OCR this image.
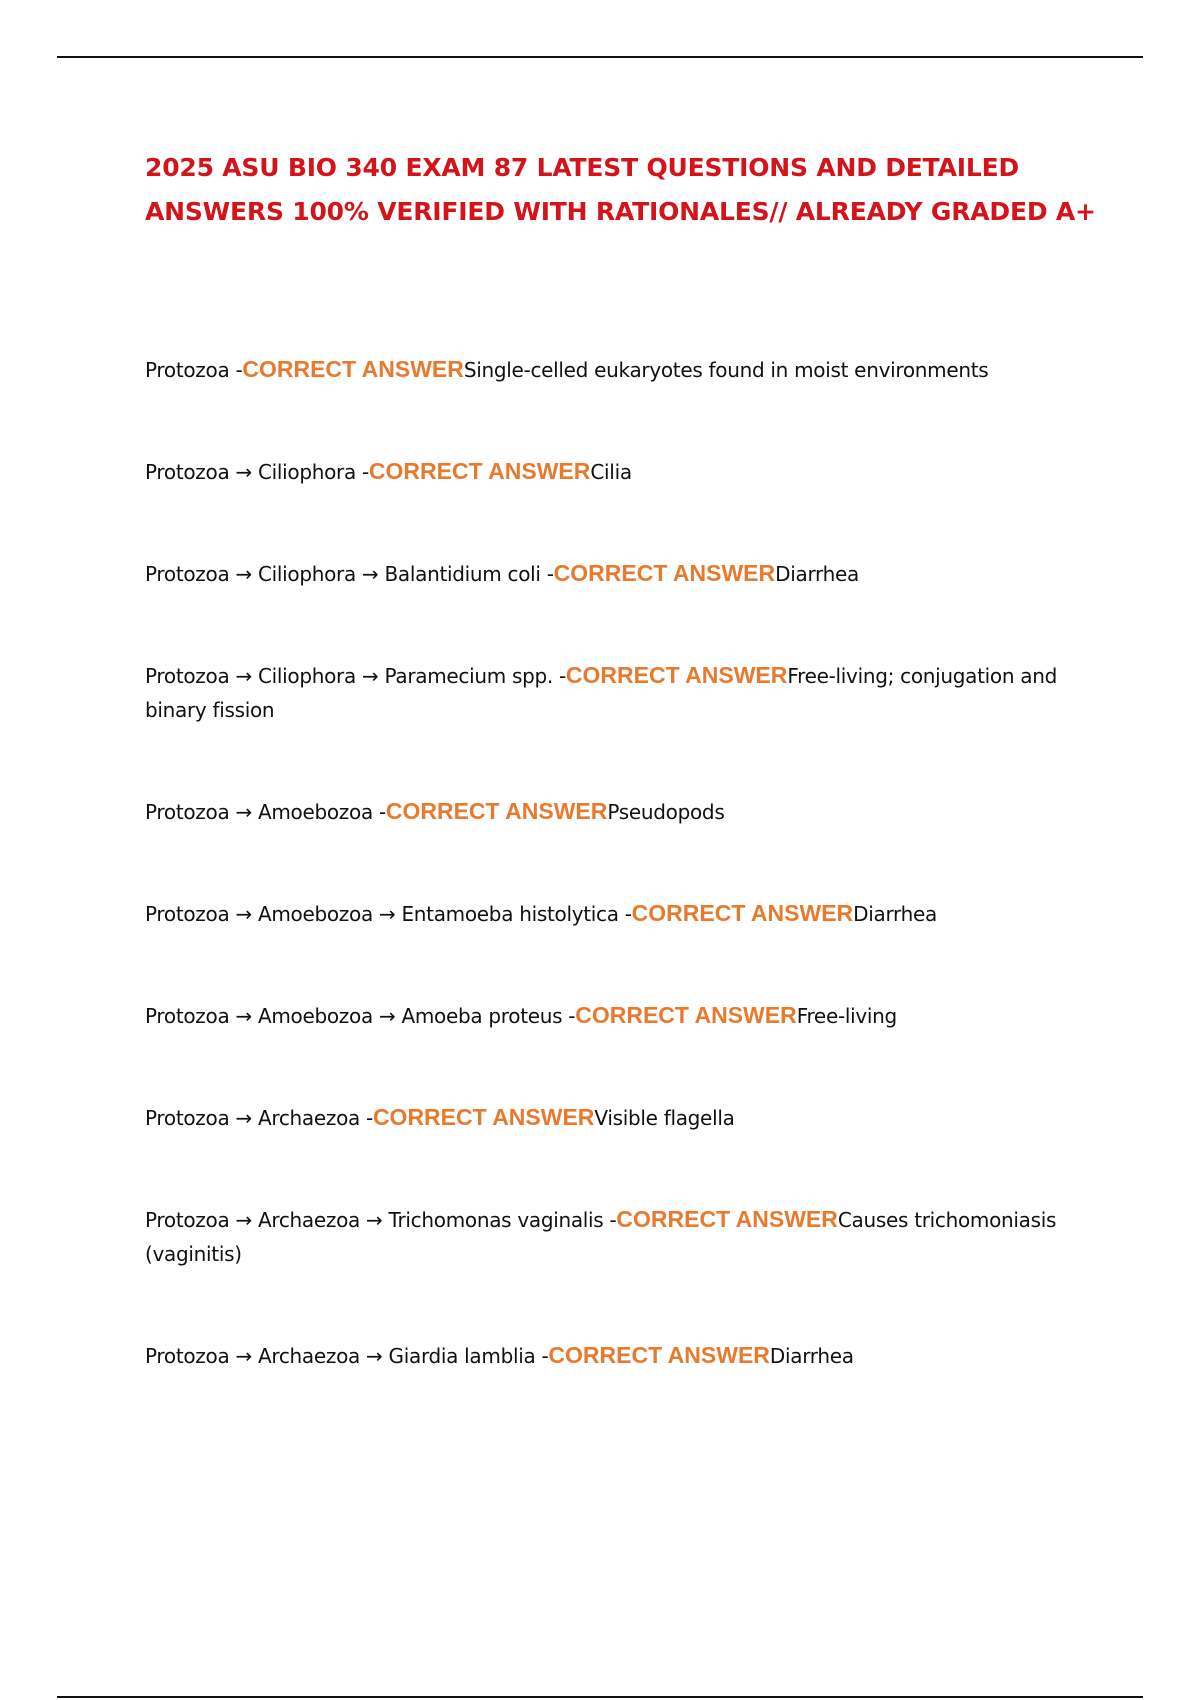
2025 ASU BIO 340 EXAM 87 LATEST QUESTIONS AND DETAILED ANSWERS 100% VERIFIED WITH RATIONALES// ALREADY GRADED A+
Protozoa -CORRECT ANSWERSingle-celled eukaryotes found in moist environments
Protozoa → Ciliophora -CORRECT ANSWERCilia
Protozoa → Ciliophora → Balantidium coli -CORRECT ANSWERDiarrhea
Protozoa → Ciliophora → Paramecium spp. -CORRECT ANSWERFree-living; conjugation and binary fission
Protozoa → Amoebozoa -CORRECT ANSWERPseudopods
Protozoa → Amoebozoa → Entamoeba histolytica -CORRECT ANSWERDiarrhea
Protozoa → Amoebozoa → Amoeba proteus -CORRECT ANSWERFree-living
Protozoa → Archaezoa -CORRECT ANSWERVisible flagella
Protozoa → Archaezoa → Trichomonas vaginalis -CORRECT ANSWERCauses trichomoniasis (vaginitis)
Protozoa → Archaezoa → Giardia lamblia -CORRECT ANSWERDiarrhea
